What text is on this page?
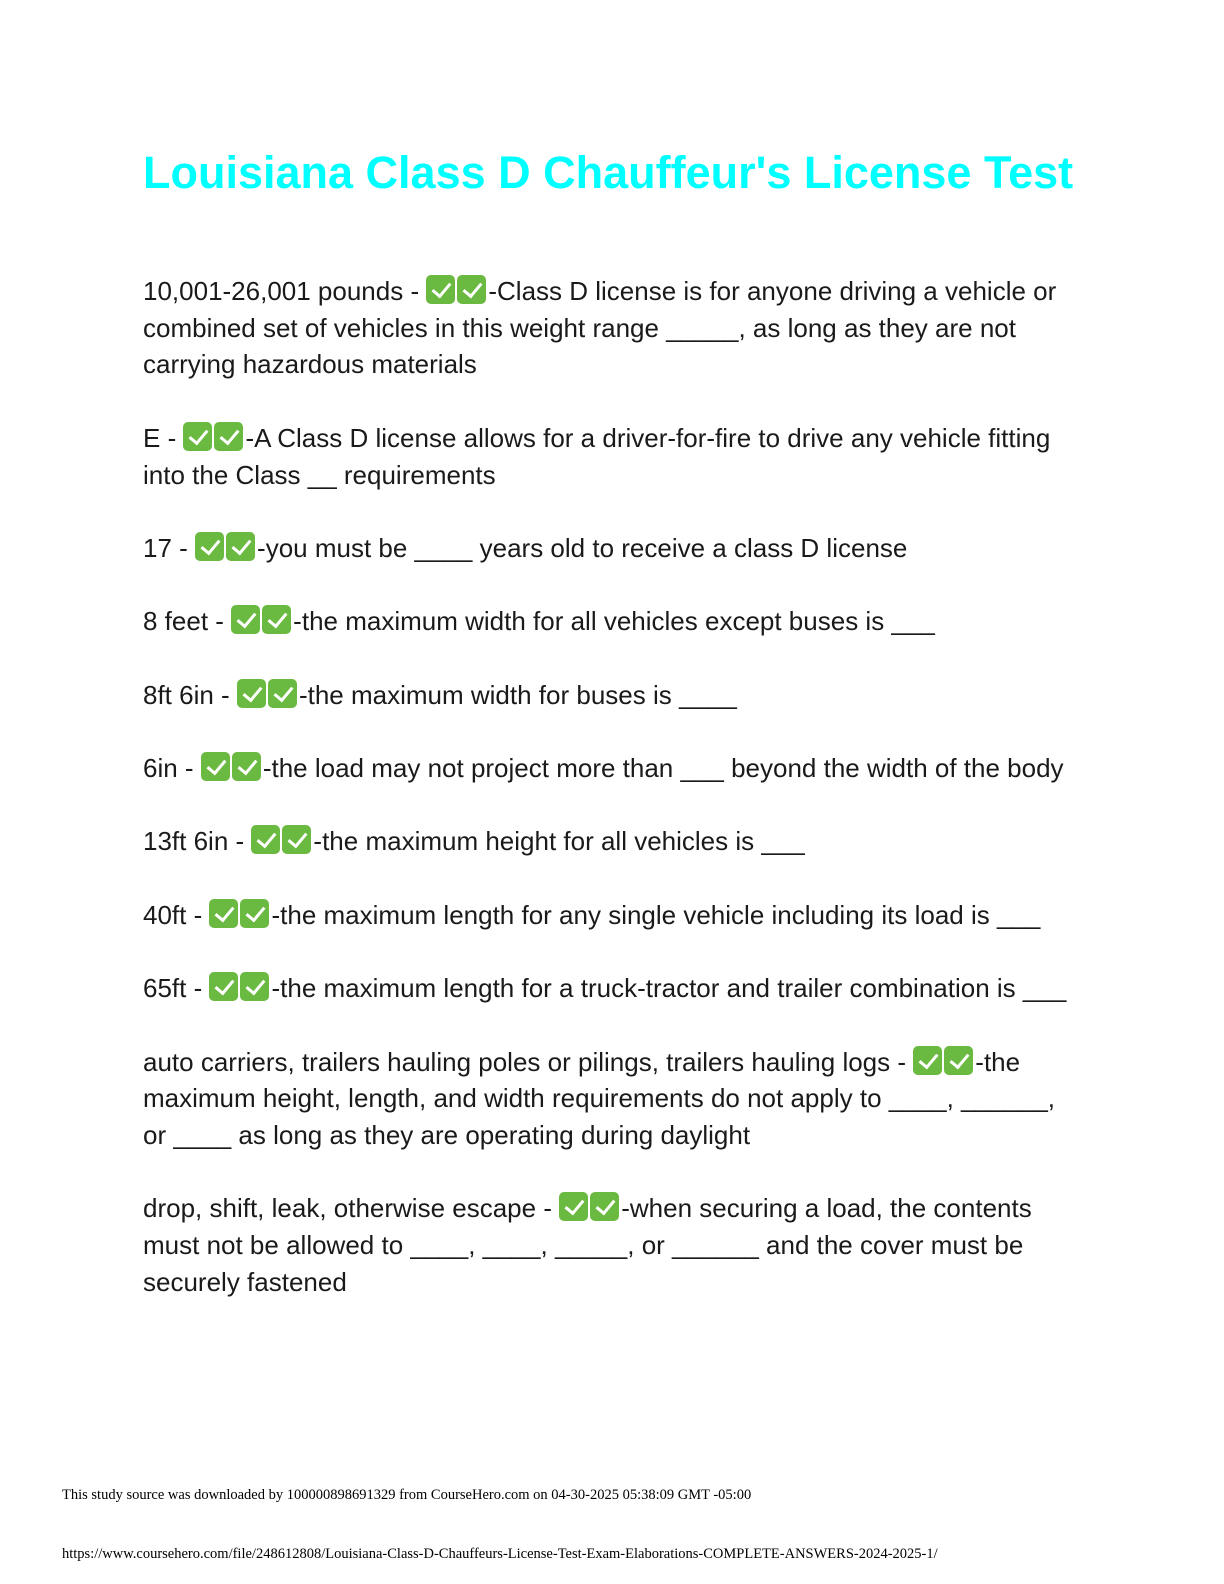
Louisiana Class D Chauffeur's License Test

10,001-26,001 pounds - -Class D license is for anyone driving a vehicle or combined set of vehicles in this weight range _____, as long as they are not carrying hazardous materials

E - -A Class D license allows for a driver-for-fire to drive any vehicle fitting into the Class __ requirements

17 - -you must be ____ years old to receive a class D license

8 feet - -the maximum width for all vehicles except buses is ___

8ft 6in - -the maximum width for buses is ____

6in - -the load may not project more than ___ beyond the width of the body

13ft 6in - -the maximum height for all vehicles is ___

40ft - -the maximum length for any single vehicle including its load is ___

65ft - -the maximum length for a truck-tractor and trailer combination is ___

auto carriers, trailers hauling poles or pilings, trailers hauling logs - -the maximum height, length, and width requirements do not apply to ____, ______, or ____ as long as they are operating during daylight

drop, shift, leak, otherwise escape - -when securing a load, the contents must not be allowed to ____, ____, _____, or ______ and the cover must be securely fastened

This study source was downloaded by 100000898691329 from CourseHero.com on 04-30-2025 05:38:09 GMT -05:00
https://www.coursehero.com/file/248612808/Louisiana-Class-D-Chauffeurs-License-Test-Exam-Elaborations-COMPLETE-ANSWERS-2024-2025-1/
